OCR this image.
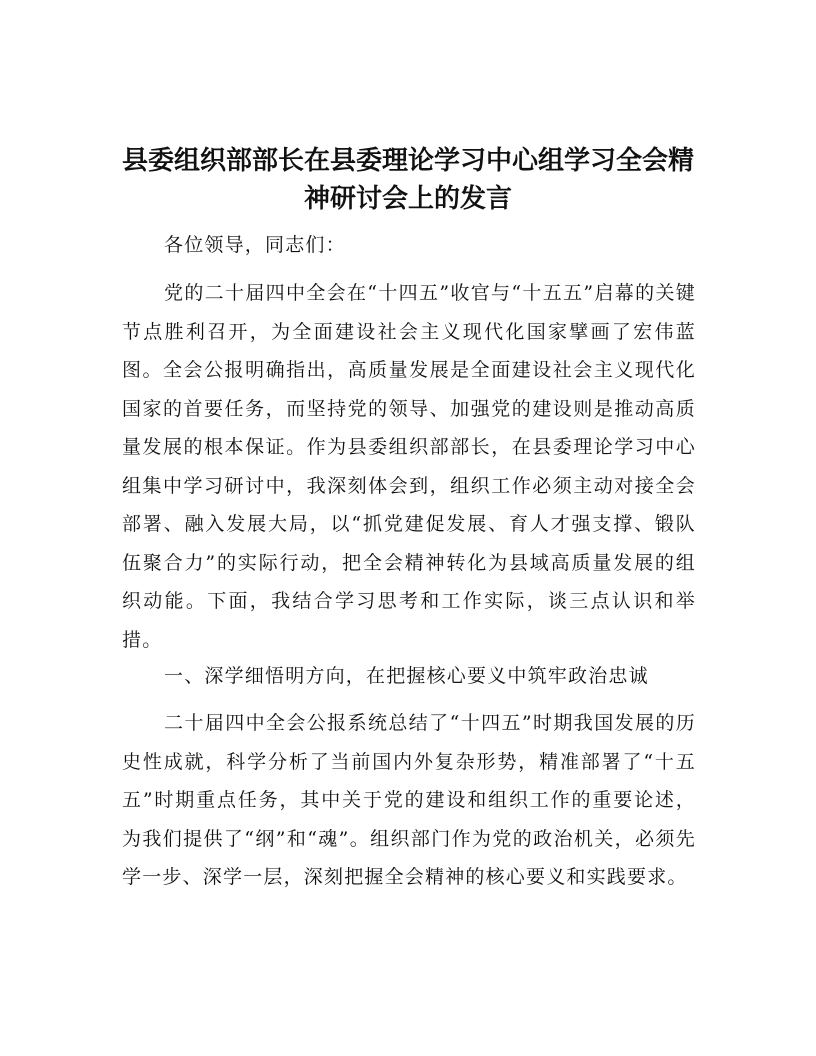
县委组织部部长在县委理论学习中心组学习全会精神研讨会上的发言

各位领导，同志们：

党的二十届四中全会在“十四五”收官与“十五五”启幕的关键节点胜利召开，为全面建设社会主义现代化国家擘画了宏伟蓝图。全会公报明确指出，高质量发展是全面建设社会主义现代化国家的首要任务，而坚持党的领导、加强党的建设则是推动高质量发展的根本保证。作为县委组织部部长，在县委理论学习中心组集中学习研讨中，我深刻体会到，组织工作必须主动对接全会部署、融入发展大局，以“抓党建促发展、育人才强支撑、锻队伍聚合力”的实际行动，把全会精神转化为县域高质量发展的组织动能。下面，我结合学习思考和工作实际，谈三点认识和举措。

一、深学细悟明方向，在把握核心要义中筑牢政治忠诚

二十届四中全会公报系统总结了“十四五”时期我国发展的历史性成就，科学分析了当前国内外复杂形势，精准部署了“十五五”时期重点任务，其中关于党的建设和组织工作的重要论述，为我们提供了“纲”和“魂”。组织部门作为党的政治机关，必须先学一步、深学一层，深刻把握全会精神的核心要义和实践要求。
